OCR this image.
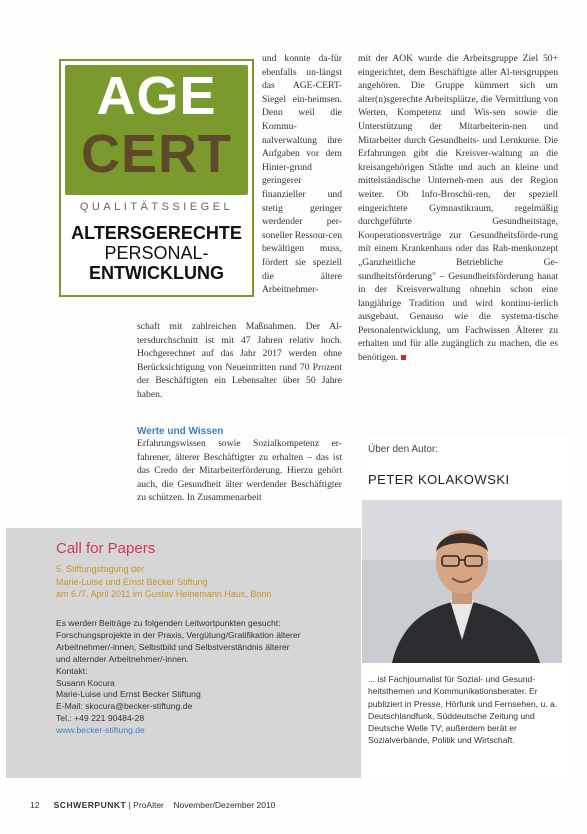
AGE
CERT
QUALITÄTSSIEGEL
ALTERSGERECHTE
PERSONAL-
ENTWICKLUNG

und konnte da-für ebenfalls un-längst das AGE-CERT-Siegel ein-heimsen. Denn weil die Kommu-nalverwaltung ihre Aufgaben vor dem Hinter-grund geringerer finanzieller und stetig geringer werdender per-soneller Ressour-cen bewältigen muss, fördert sie speziell die ältere Arbeitnehmer-

schaft mit zahlreichen Maßnahmen. Der Al-tersdurchschnitt ist mit 47 Jahren relativ hoch. Hochgerechnet auf das Jahr 2017 werden ohne Berücksichtigung von Neueintritten rund 70 Prozent der Beschäftigten ein Lebensalter über 50 Jahre haben.

Werte und Wissen

Erfahrungswissen sowie Sozialkompetenz er-fahrener, älterer Beschäftigter zu erhalten – das ist das Credo der Mitarbeiterförderung. Hierzu gehört auch, die Gesundheit älter werdender Beschäftigter zu schützen. In Zusammenarbeit

mit der AOK wurde die Arbeitsgruppe Ziel 50+ eingerichtet, dem Beschäftigte aller Al-tersgruppen angehören. Die Gruppe kümmert sich um alter(n)sgerechte Arbeitsplätze, die Vermittlung von Werten, Kompetenz und Wis-sen sowie die Unterstützung der Mitarbeiterin-nen und Mitarbeiter durch Gesundheits- und Lernkurse. Die Erfahrungen gibt die Kreisver-waltung an die kreisangehörigen Städte und auch an kleine und mittelständische Unterneh-men aus der Region weiter. Ob Info-Broschü-ren, der speziell eingerichtete Gymnastikraum, regelmäßig durchgeführte Gesundheitstage, Kooperationsverträge zur Gesundheitsförde-rung mit einem Krankenhaus oder das Rah-menkonzept „Ganzheitliche Betriebliche Ge-sundheitsförderung" – Gesundheitsförderung hanat in der Kreisverwaltung ohnehin schon eine langjährige Tradition und wird kontinu-ierlich ausgebaut. Genauso wie die systema-tische Personalentwicklung, um Fachwissen Älterer zu erhalten und für alle zugänglich zu machen, die es benötigen.

Call for Papers
5. Stiftungstagung der
Marie-Luise und Ernst Becker Stiftung
am 6./7. April 2011 im Gustav Heinemann Haus, Bonn
Es werden Beiträge zu folgenden Leitwortpunkten gesucht:
Forschungsprojekte in der Praxis, Vergütung/Gratifikation älterer
Arbeitnehmer/-innen, Selbstbild und Selbstverständnis älterer
und alternder Arbeitnehmer/-innen.
Kontakt:
Susann Kocura
Marie-Luise und Ernst Becker Stiftung
E-Mail: skocura@becker-stiftung.de
Tel.: +49 221 90484-28
www.becker-stiftung.de
Über den Autor:
PETER KOLAKOWSKI

... ist Fachjournalist für Sozial- und Gesund-heitsthemen und Kommunikationsberater. Er publiziert in Presse, Hörfunk und Fernsehen, u. a. Deutschlandfunk, Süddeutsche Zeitung und Deutsche Welle TV; außerdem berät er Sozialverbände, Politik und Wirtschaft.

12 SCHWERPUNKT | ProAlter November/Dezember 2010
